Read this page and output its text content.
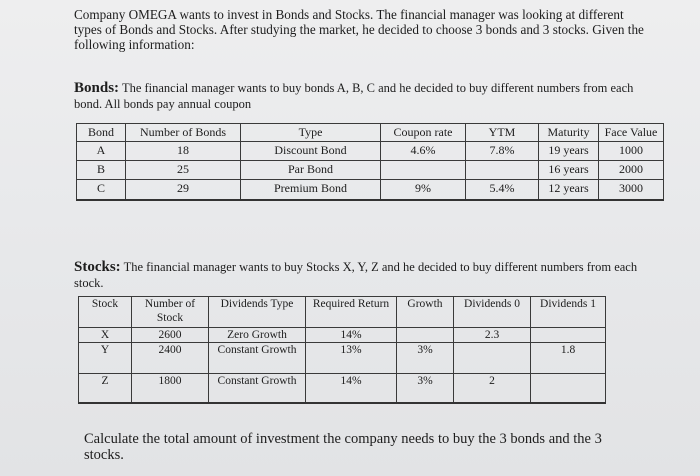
Company OMEGA wants to invest in Bonds and Stocks. The financial manager was looking at different types of Bonds and Stocks. After studying the market, he decided to choose 3 bonds and 3 stocks. Given the following information:

Bonds: The financial manager wants to buy bonds A, B, C and he decided to buy different numbers from each bond. All bonds pay annual coupon

Bond	Number of Bonds	Type	Coupon rate	YTM	Maturity	Face Value
A	18	Discount Bond	4.6%	7.8%	19 years	1000
B	25	Par Bond			16 years	2000
C	29	Premium Bond	9%	5.4%	12 years	3000

Stocks: The financial manager wants to buy Stocks X, Y, Z and he decided to buy different numbers from each stock.

Stock	Number of Stock	Dividends Type	Required Return	Growth	Dividends 0	Dividends 1
X	2600	Zero Growth	14%		2.3	
Y	2400	Constant Growth	13%	3%		1.8
Z	1800	Constant Growth	14%	3%	2	

Calculate the total amount of investment the company needs to buy the 3 bonds and the 3 stocks.
